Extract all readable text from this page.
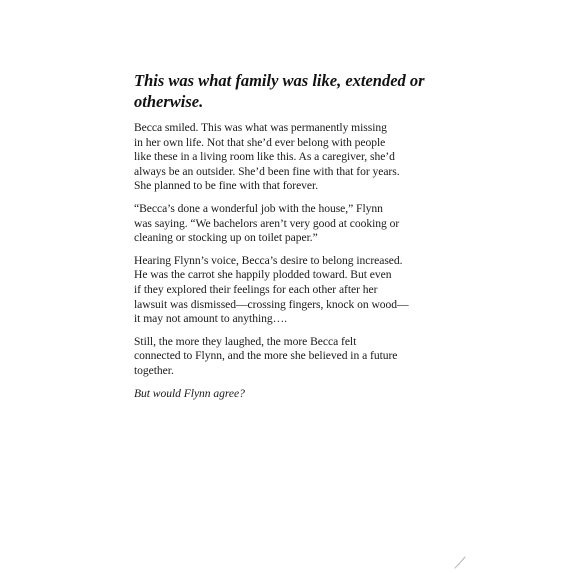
This was what family was like, extended or
otherwise.

Becca smiled. This was what was permanently missing
in her own life. Not that she’d ever belong with people
like these in a living room like this. As a caregiver, she’d
always be an outsider. She’d been fine with that for years.
She planned to be fine with that forever.

“Becca’s done a wonderful job with the house,” Flynn
was saying. “We bachelors aren’t very good at cooking or
cleaning or stocking up on toilet paper.”

Hearing Flynn’s voice, Becca’s desire to belong increased.
He was the carrot she happily plodded toward. But even
if they explored their feelings for each other after her
lawsuit was dismissed—crossing fingers, knock on wood—
it may not amount to anything….

Still, the more they laughed, the more Becca felt
connected to Flynn, and the more she believed in a future
together.

But would Flynn agree?
